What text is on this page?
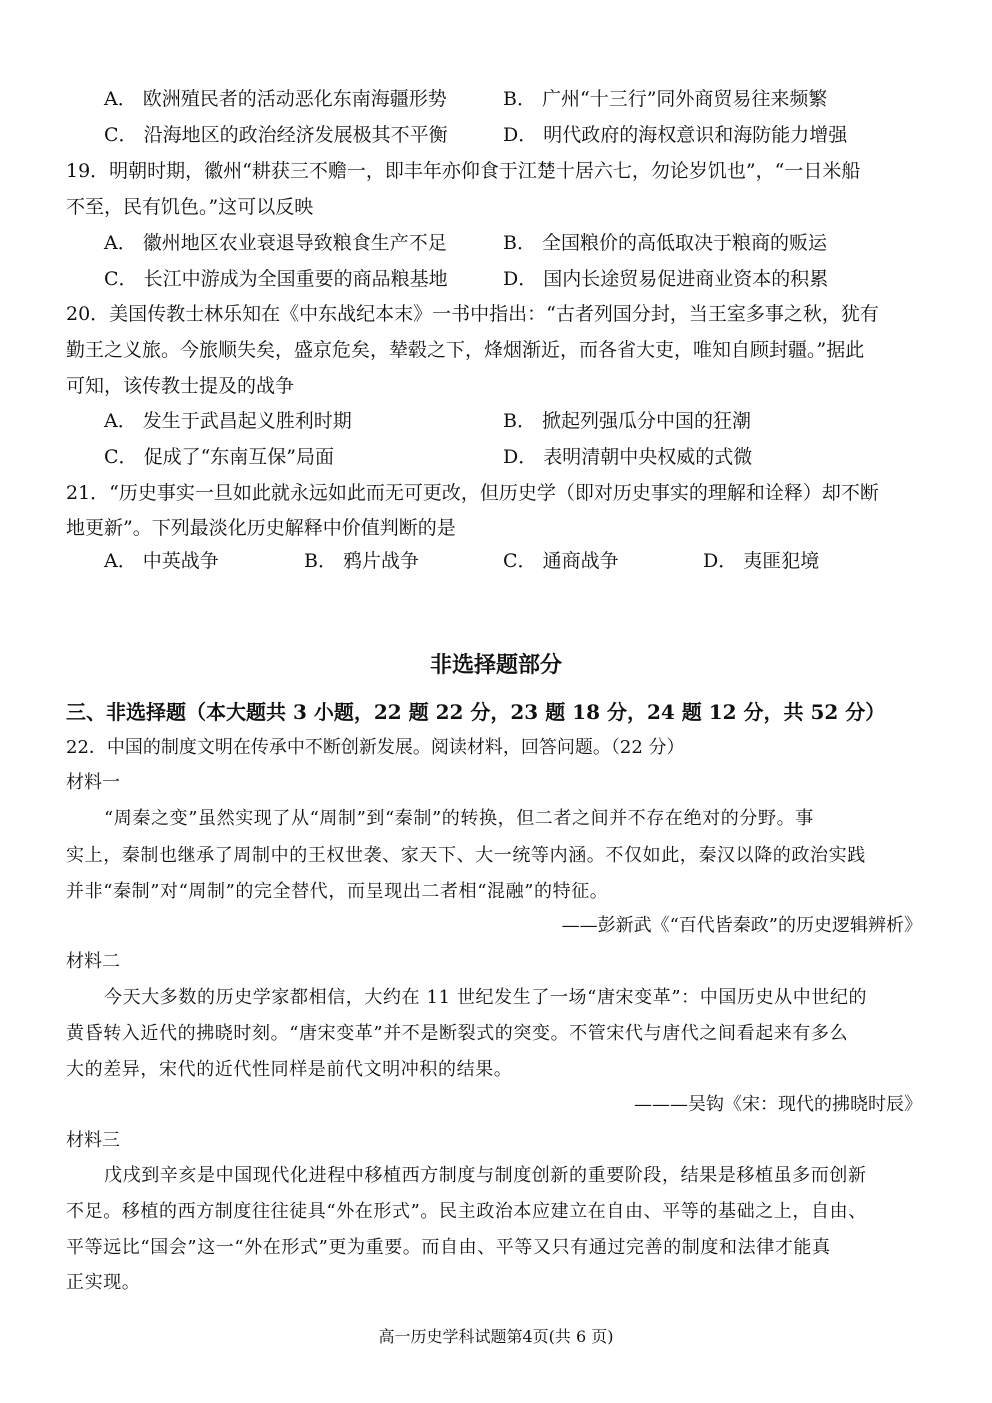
A． 欧洲殖民者的活动恶化东南海疆形势	B． 广州“十三行”同外商贸易往来频繁
C． 沿海地区的政治经济发展极其不平衡	D． 明代政府的海权意识和海防能力增强
19．明朝时期，徽州“耕获三不赡一，即丰年亦仰食于江楚十居六七，勿论岁饥也”，“一日米船
不至，民有饥色。”这可以反映
A． 徽州地区农业衰退导致粮食生产不足	B． 全国粮价的高低取决于粮商的贩运
C． 长江中游成为全国重要的商品粮基地	D． 国内长途贸易促进商业资本的积累
20．美国传教士林乐知在《中东战纪本末》一书中指出：“古者列国分封，当王室多事之秋，犹有
勤王之义旅。今旅顺失矣，盛京危矣，辇毂之下，烽烟渐近，而各省大吏，唯知自顾封疆。”据此
可知，该传教士提及的战争
A． 发生于武昌起义胜利时期	B． 掀起列强瓜分中国的狂潮
C． 促成了“东南互保”局面	D． 表明清朝中央权威的式微
21．“历史事实一旦如此就永远如此而无可更改，但历史学（即对历史事实的理解和诠释）却不断
地更新”。下列最淡化历史解释中价值判断的是
A． 中英战争	B． 鸦片战争	C． 通商战争	D． 夷匪犯境
非选择题部分
三、非选择题（本大题共 3 小题，22 题 22 分，23 题 18 分，24 题 12 分，共 52 分）
22．中国的制度文明在传承中不断创新发展。阅读材料，回答问题。（22 分）
材料一
“周秦之变”虽然实现了从“周制”到“秦制”的转换，但二者之间并不存在绝对的分野。事
实上，秦制也继承了周制中的王权世袭、家天下、大一统等内涵。不仅如此，秦汉以降的政治实践
并非“秦制”对“周制”的完全替代，而呈现出二者相“混融”的特征。
——彭新武《“百代皆秦政”的历史逻辑辨析》
材料二
今天大多数的历史学家都相信，大约在 11 世纪发生了一场“唐宋变革”：中国历史从中世纪的
黄昏转入近代的拂晓时刻。“唐宋变革”并不是断裂式的突变。不管宋代与唐代之间看起来有多么
大的差异，宋代的近代性同样是前代文明冲积的结果。
———吴钩《宋：现代的拂晓时辰》
材料三
戊戌到辛亥是中国现代化进程中移植西方制度与制度创新的重要阶段，结果是移植虽多而创新
不足。移植的西方制度往往徒具“外在形式”。民主政治本应建立在自由、平等的基础之上，自由、
平等远比“国会”这一“外在形式”更为重要。而自由、平等又只有通过完善的制度和法律才能真
正实现。
高一历史学科试题第4页(共 6 页)
